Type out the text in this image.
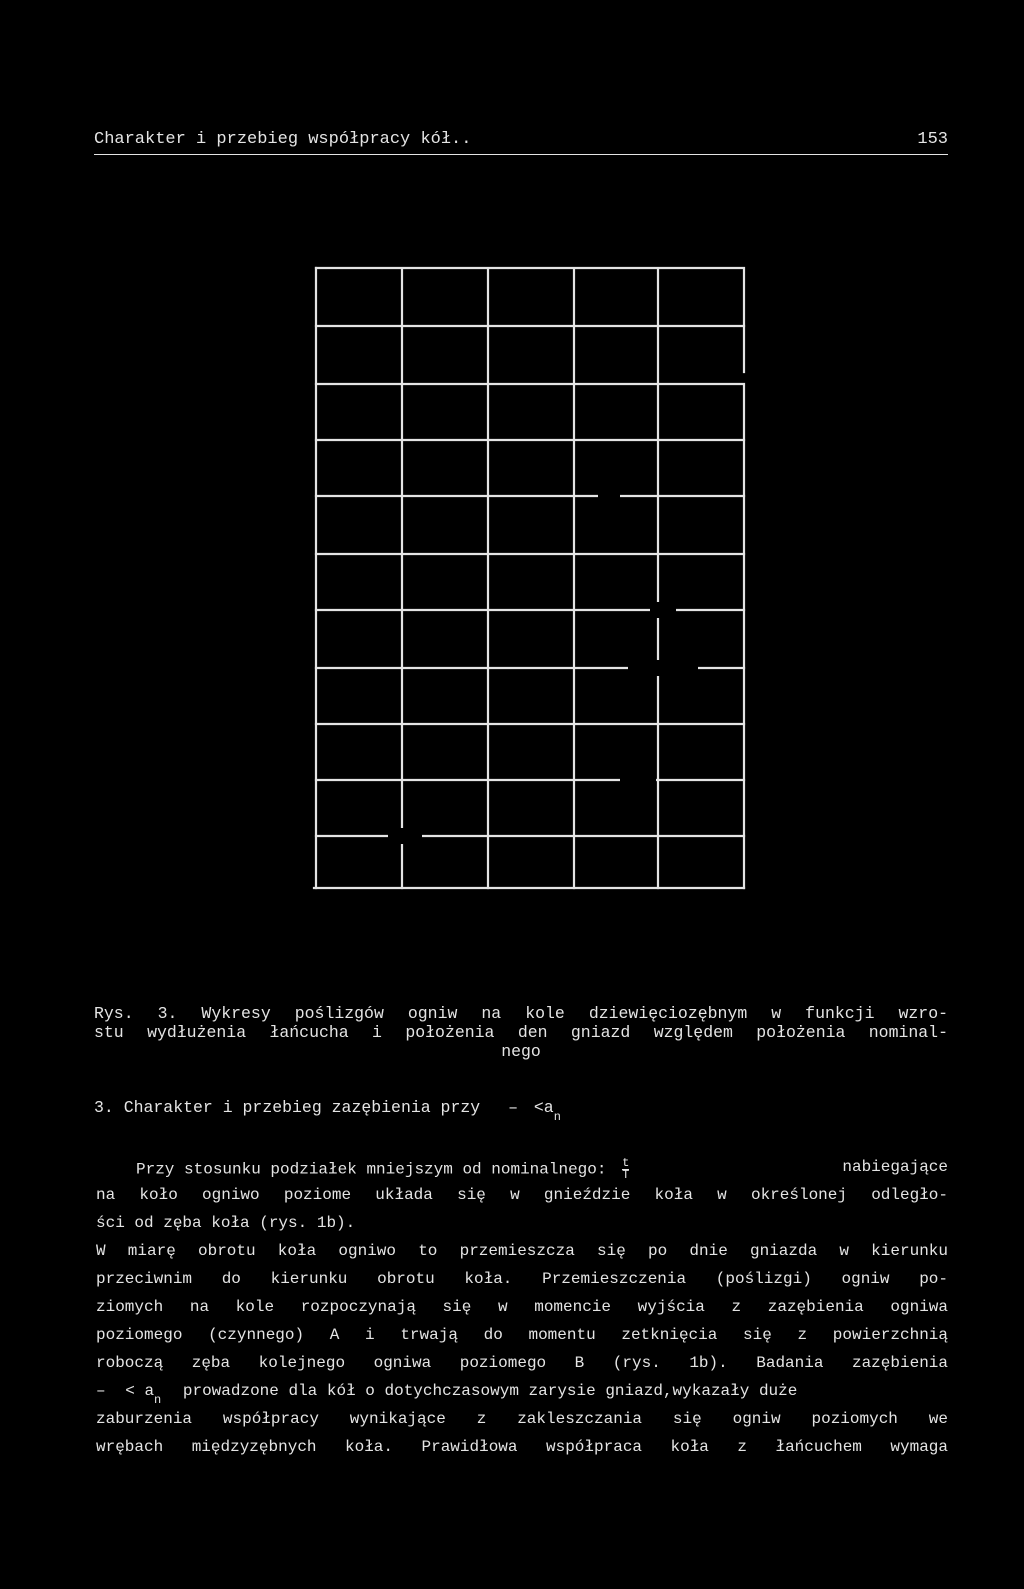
Charakter i przebieg współpracy kół..	153
Rys. 3. Wykresy poślizgów ogniw na kole dziewięciozębnym w funkcji wzro-
stu wydłużenia łańcucha i położenia den gniazd względem położenia nominal-
nego
3. Charakter i przebieg zazębienia przy – $<a_n$
Przy stosunku podziałek mniejszym od nominalnego: $\frac{t}{T}$	nabiegające
na koło ogniwo poziome układa się w gnieździe koła w określonej odległo-
ści od zęba koła (rys. 1b).
W miarę obrotu koła ogniwo to przemieszcza się po dnie gniazda w kierunku
przeciwnim do kierunku obrotu koła. Przemieszczenia (poślizgi) ogniw po-
ziomych na kole rozpoczynają się w momencie wyjścia z zazębienia ogniwa
poziomego (czynnego) A i trwają do momentu zetknięcia się z powierzchnią
roboczą zęba kolejnego ogniwa poziomego B (rys. 1b). Badania zazębienia
– < $a_n$ prowadzone dla kół o dotychczasowym zarysie gniazd,wykazały duże
zaburzenia współpracy wynikające z zakleszczania się ogniw poziomych we
wrębach międzyzębnych koła. Prawidłowa współpraca koła z łańcuchem wymaga
